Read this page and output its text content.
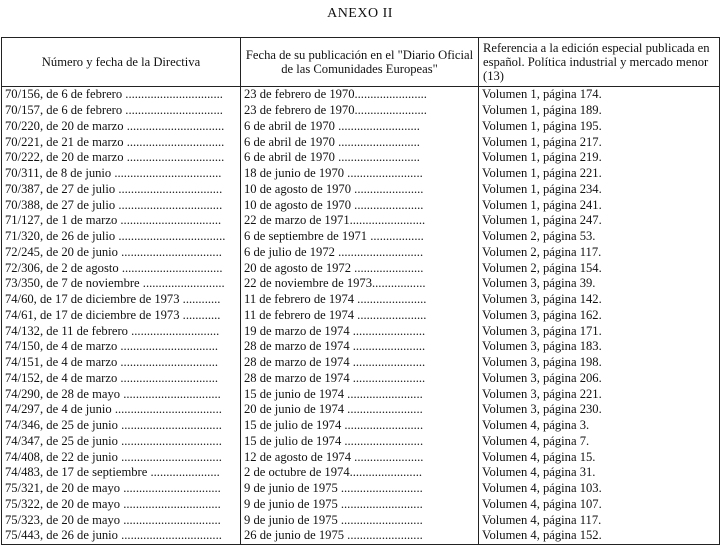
ANEXO II
Número y fecha de la Directiva	Fecha de su publicación en el "Diario Oficial de las Comunidades Europeas"	Referencia a la edición especial publicada en español. Política industrial y mercado menor (13)
70/156, de 6 de febrero ...............................	23 de febrero de 1970.......................	Volumen 1, página 174.
70/157, de 6 de febrero ...............................	23 de febrero de 1970.......................	Volumen 1, página 189.
70/220, de 20 de marzo ...............................	6 de abril de 1970 ..........................	Volumen 1, página 195.
70/221, de 21 de marzo ...............................	6 de abril de 1970 ..........................	Volumen 1, página 217.
70/222, de 20 de marzo ...............................	6 de abril de 1970 ..........................	Volumen 1, página 219.
70/311, de 8 de junio ..................................	18 de junio de 1970 ........................	Volumen 1, página 221.
70/387, de 27 de julio .................................	10 de agosto de 1970 ......................	Volumen 1, página 234.
70/388, de 27 de julio .................................	10 de agosto de 1970 ......................	Volumen 1, página 241.
71/127, de 1 de marzo ................................	22 de marzo de 1971........................	Volumen 1, página 247.
71/320, de 26 de julio ..................................	6 de septiembre de 1971 .................	Volumen 2, página 53.
72/245, de 20 de junio ................................	6 de julio de 1972 ...........................	Volumen 2, página 117.
72/306, de 2 de agosto ................................	20 de agosto de 1972 ......................	Volumen 2, página 154.
73/350, de 7 de noviembre ..........................	22 de noviembre de 1973.................	Volumen 3, página 39.
74/60, de 17 de diciembre de 1973 ............	11 de febrero de 1974 ......................	Volumen 3, página 142.
74/61, de 17 de diciembre de 1973 ............	11 de febrero de 1974 ......................	Volumen 3, página 162.
74/132, de 11 de febrero ............................	19 de marzo de 1974 .......................	Volumen 3, página 171.
74/150, de 4 de marzo ...............................	28 de marzo de 1974 .......................	Volumen 3, página 183.
74/151, de 4 de marzo ...............................	28 de marzo de 1974 .......................	Volumen 3, página 198.
74/152, de 4 de marzo ...............................	28 de marzo de 1974 .......................	Volumen 3, página 206.
74/290, de 28 de mayo ...............................	15 de junio de 1974 ........................	Volumen 3, página 221.
74/297, de 4 de junio ..................................	20 de junio de 1974 ........................	Volumen 3, página 230.
74/346, de 25 de junio ................................	15 de julio de 1974 .........................	Volumen 4, página 3.
74/347, de 25 de junio ................................	15 de julio de 1974 .........................	Volumen 4, página 7.
74/408, de 22 de junio ................................	12 de agosto de 1974 ......................	Volumen 4, página 15.
74/483, de 17 de septiembre ......................	2 de octubre de 1974.......................	Volumen 4, página 31.
75/321, de 20 de mayo ...............................	9 de junio de 1975 ..........................	Volumen 4, página 103.
75/322, de 20 de mayo ...............................	9 de junio de 1975 ..........................	Volumen 4, página 107.
75/323, de 20 de mayo ...............................	9 de junio de 1975 ..........................	Volumen 4, página 117.
75/443, de 26 de junio ................................	26 de junio de 1975 ........................	Volumen 4, página 152.
